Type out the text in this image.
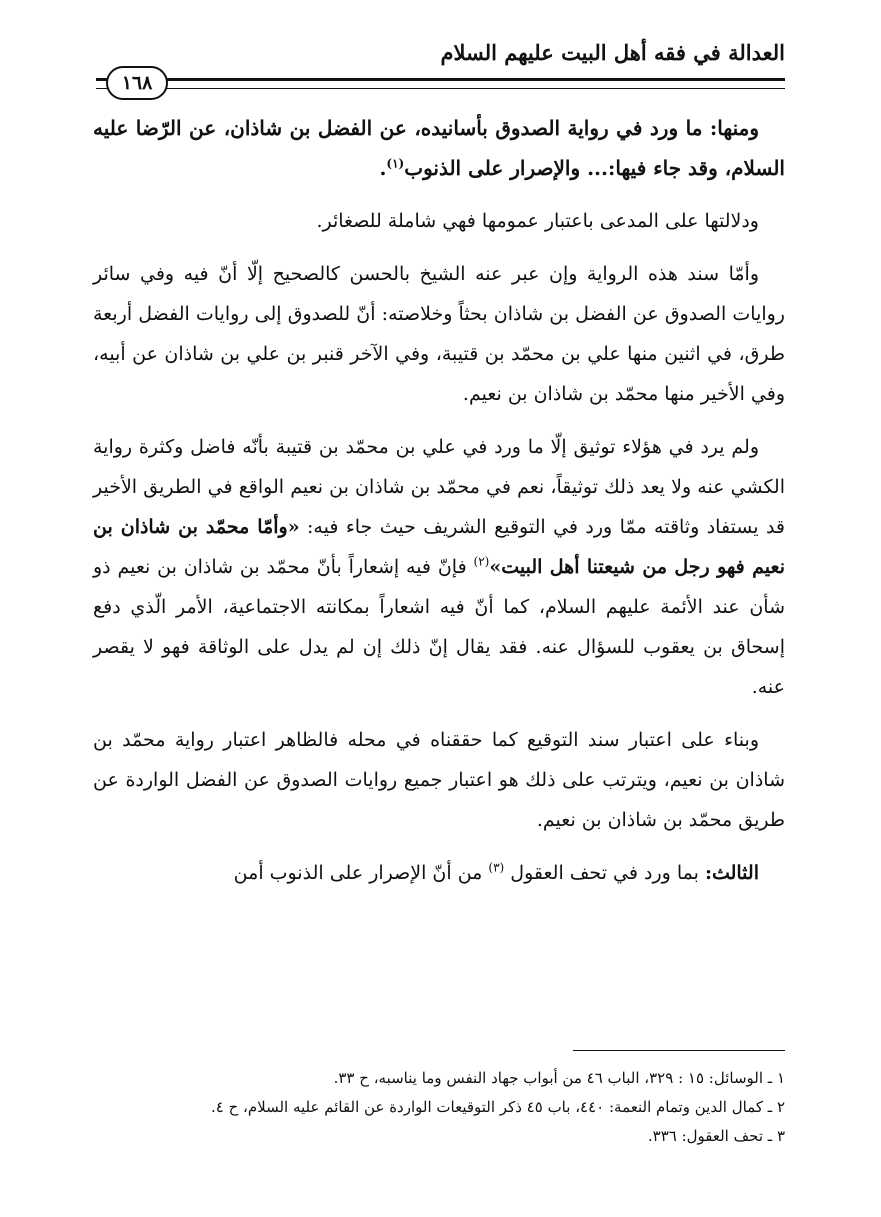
العدالة في فقه أهل البيت عليهم السلام
١٦٨

ومنها: ما ورد في رواية الصدوق بأسانيده، عن الفضل بن شاذان، عن الرّضا عليه السلام، وقد جاء فيها:... والإصرار على الذنوب$^{(١)}$.

ودلالتها على المدعى باعتبار عمومها فهي شاملة للصغائر.

وأمّا سند هذه الرواية وإن عبر عنه الشيخ بالحسن كالصحيح إلّا أنّ فيه وفي سائر روايات الصدوق عن الفضل بن شاذان بحثاً وخلاصته: أنّ للصدوق إلى روايات الفضل أربعة طرق، في اثنين منها علي بن محمّد بن قتيبة، وفي الآخر قنبر بن علي بن شاذان عن أبيه، وفي الأخير منها محمّد بن شاذان بن نعيم.

ولم يرد في هؤلاء توثيق إلّا ما ورد في علي بن محمّد بن قتيبة بأنّه فاضل وكثرة رواية الكشي عنه ولا يعد ذلك توثيقاً، نعم في محمّد بن شاذان بن نعيم الواقع في الطريق الأخير قد يستفاد وثاقته ممّا ورد في التوقيع الشريف حيث جاء فيه: «وأمّا محمّد بن شاذان بن نعيم فهو رجل من شيعتنا أهل البيت»$^{(٢)}$ فإنّ فيه إشعاراً بأنّ محمّد بن شاذان بن نعيم ذو شأن عند الأئمة عليهم السلام، كما أنّ فيه اشعاراً بمكانته الاجتماعية، الأمر الّذي دفع إسحاق بن يعقوب للسؤال عنه. فقد يقال إنّ ذلك إن لم يدل على الوثاقة فهو لا يقصر عنه.

وبناء على اعتبار سند التوقيع كما حققناه في محله فالظاهر اعتبار رواية محمّد بن شاذان بن نعيم، ويترتب على ذلك هو اعتبار جميع روايات الصدوق عن الفضل الواردة عن طريق محمّد بن شاذان بن نعيم.

الثالث: بما ورد في تحف العقول $^{(٣)}$ من أنّ الإصرار على الذنوب أمن

١ ـ الوسائل: ١٥ : ٣٢٩، الباب ٤٦ من أبواب جهاد النفس وما يناسبه، ح ٣٣.
٢ ـ كمال الدين وتمام النعمة: ٤٤٠، باب ٤٥ ذكر التوقيعات الواردة عن القائم عليه السلام، ح ٤.
٣ ـ تحف العقول: ٣٣٦.
